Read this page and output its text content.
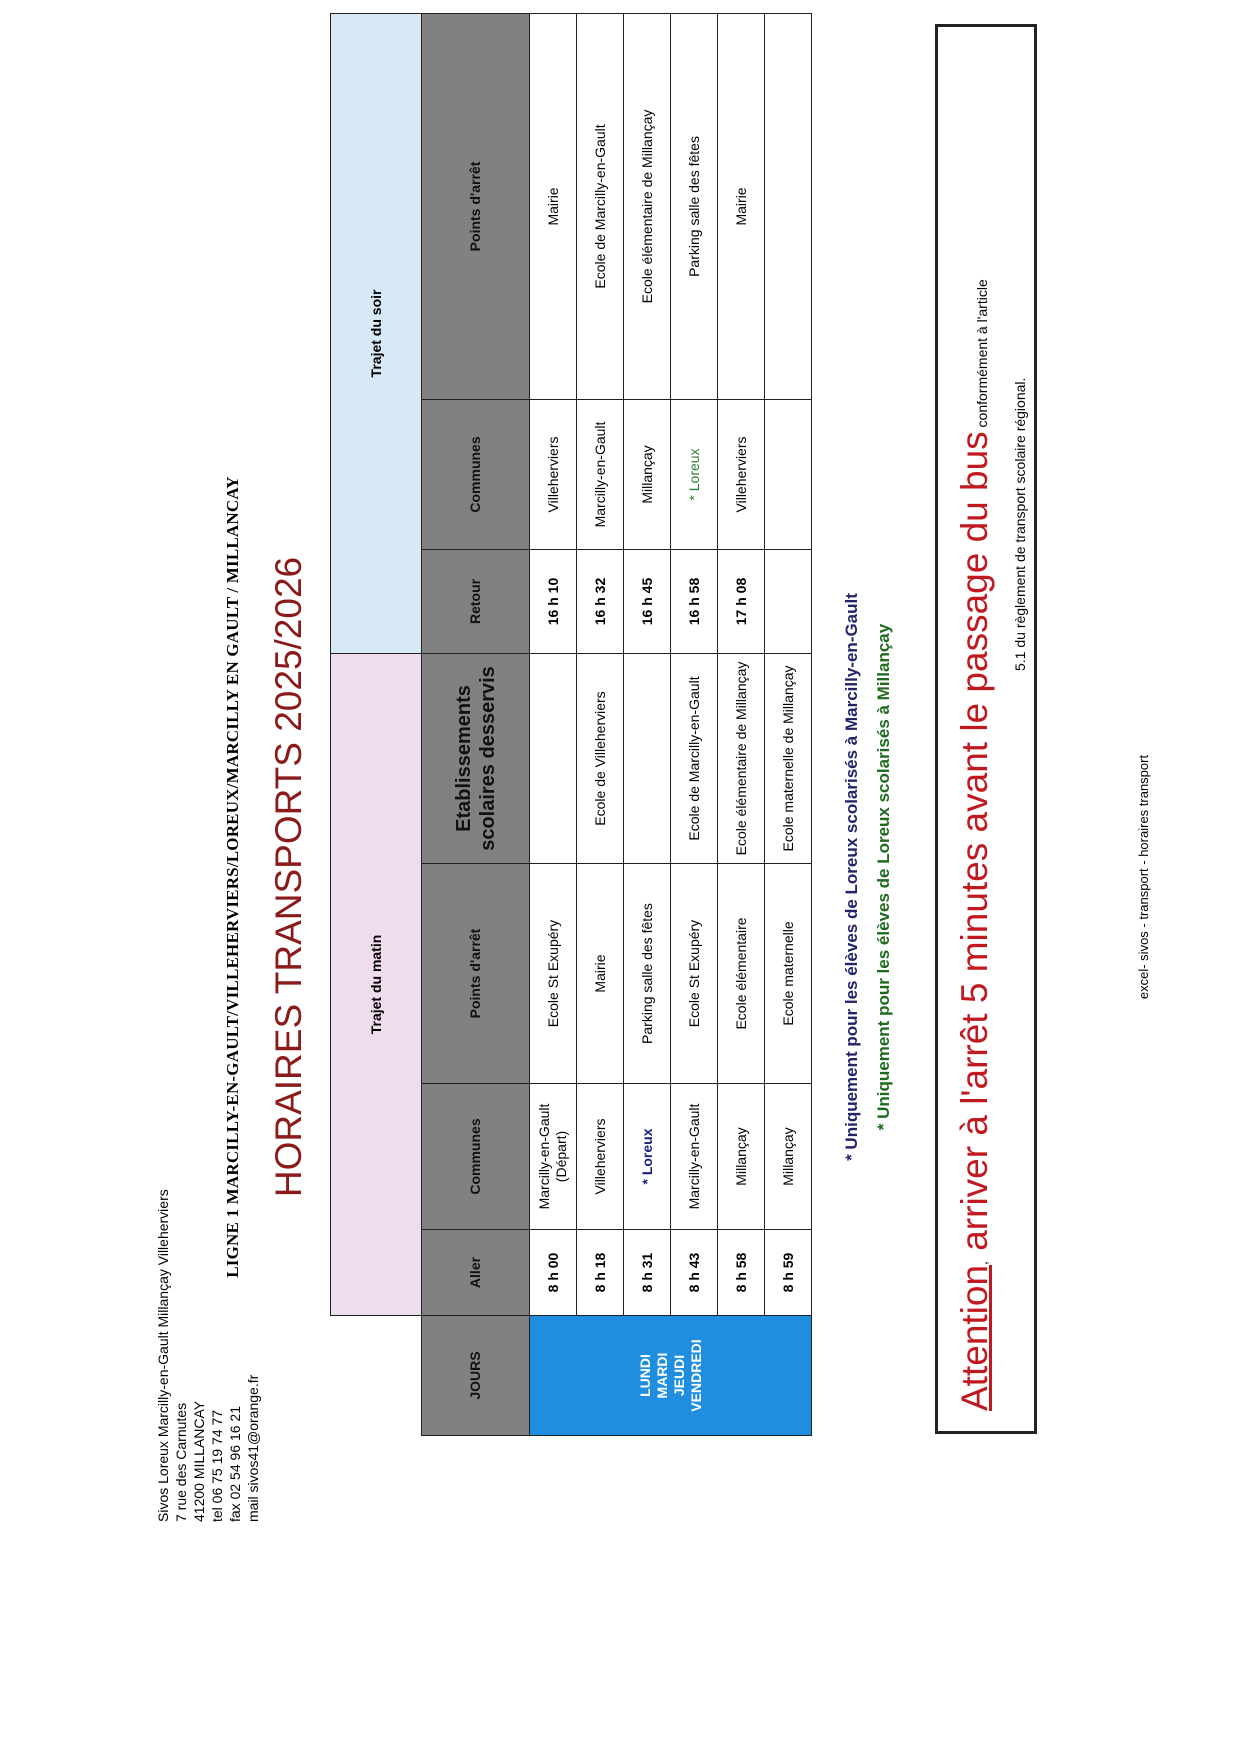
Sivos Loreux Marcilly-en-Gault Millançay Villeherviers 7 rue des Carnutes 41200 MILLANCAY tel 06 75 19 74 77 fax 02 54 96 16 21 mail sivos41@orange.fr
LIGNE 1 MARCILLY-EN-GAULT/VILLEHERVIERS/LOREUX/MARCILLY EN GAULT / MILLANCAY HORAIRES TRANSPORTS 2025/2026
		Trajet du matin				Trajet du soir		
JOURS	Aller	Communes	Points d'arrêt	Etablissements scolaires desservis	Retour	Communes	Points d'arrêt

LUNDI MARDI JEUDI VENDREDI	8 h 00	Marcilly-en-Gault (Départ)	Ecole St Exupéry		16 h 10	Villeherviers	Mairie
	8 h 18	Villeherviers	Mairie	Ecole de Villeherviers	16 h 32	Marcilly-en-Gault	Ecole de Marcilly-en-Gault
	8 h 31	* Loreux	Parking salle des fêtes		16 h 45	Millançay	Ecole élémentaire de Millançay
	8 h 43	Marcilly-en-Gault	Ecole St Exupéry	Ecole de Marcilly-en-Gault	16 h 58	* Loreux	Parking salle des fêtes
	8 h 58	Millançay	Ecole élémentaire	Ecole élémentaire de Millançay	17 h 08	Villeherviers	Mairie
	8 h 59	Millançay	Ecole maternelle	Ecole maternelle de Millançay				* Uniquement pour les élèves de Loreux scolarisés à Marcilly-en-Gault * Uniquement pour les élèves de Loreux scolarisés à Millançay
Attention, arriver à l'arrêt 5 minutes avant le passage du bus conformément à l'article
5.1 du règlement de transport scolaire régional.
excel- sivos - transport - horaires transport
